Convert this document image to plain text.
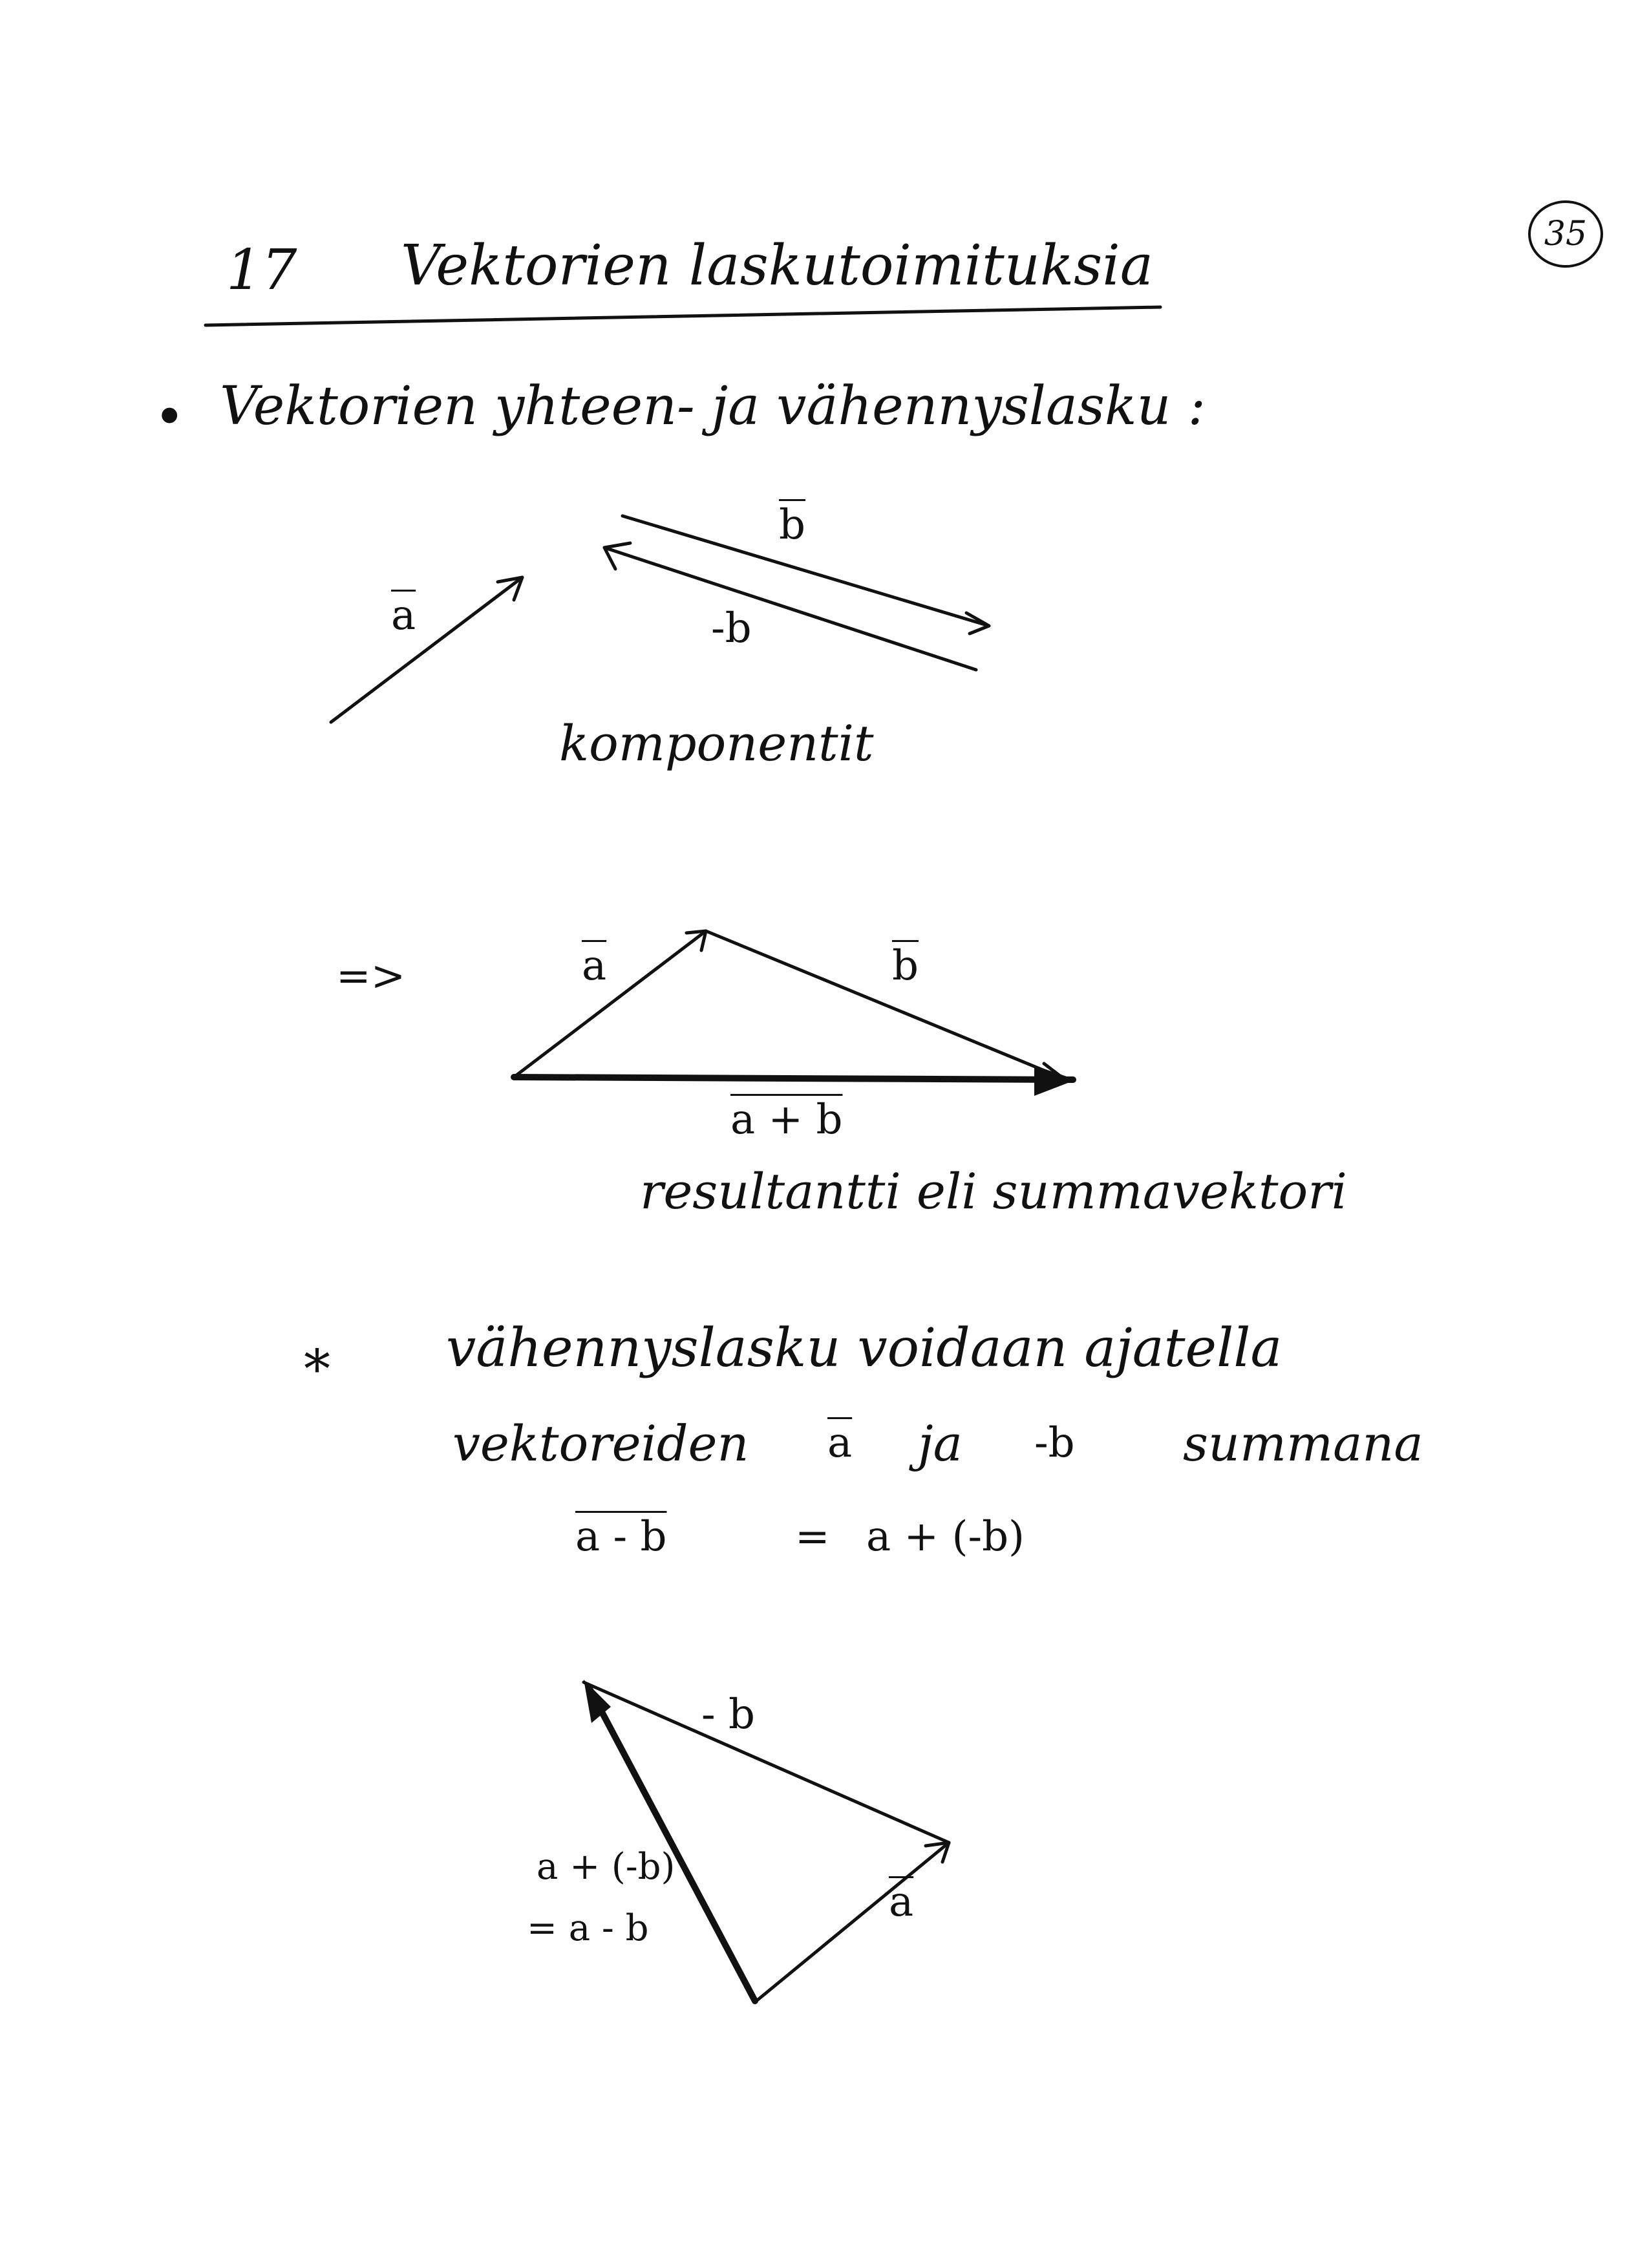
35
17 Vektorien laskutoimituksia
• Vektorien yhteen- ja vähennyslasku :
$\overline{b}$
$\overline{a}$	-b
komponentit
=>	$\overline{a}$	$\overline{b}$
a + b
resultantti eli summavektori
* vähennyslasku voidaan ajatella
vektoreiden $\overline{a}$ ja -b summana
a - b	= a + (-b)
- b
$\overline{a}$
a + (-b)
= a - b
